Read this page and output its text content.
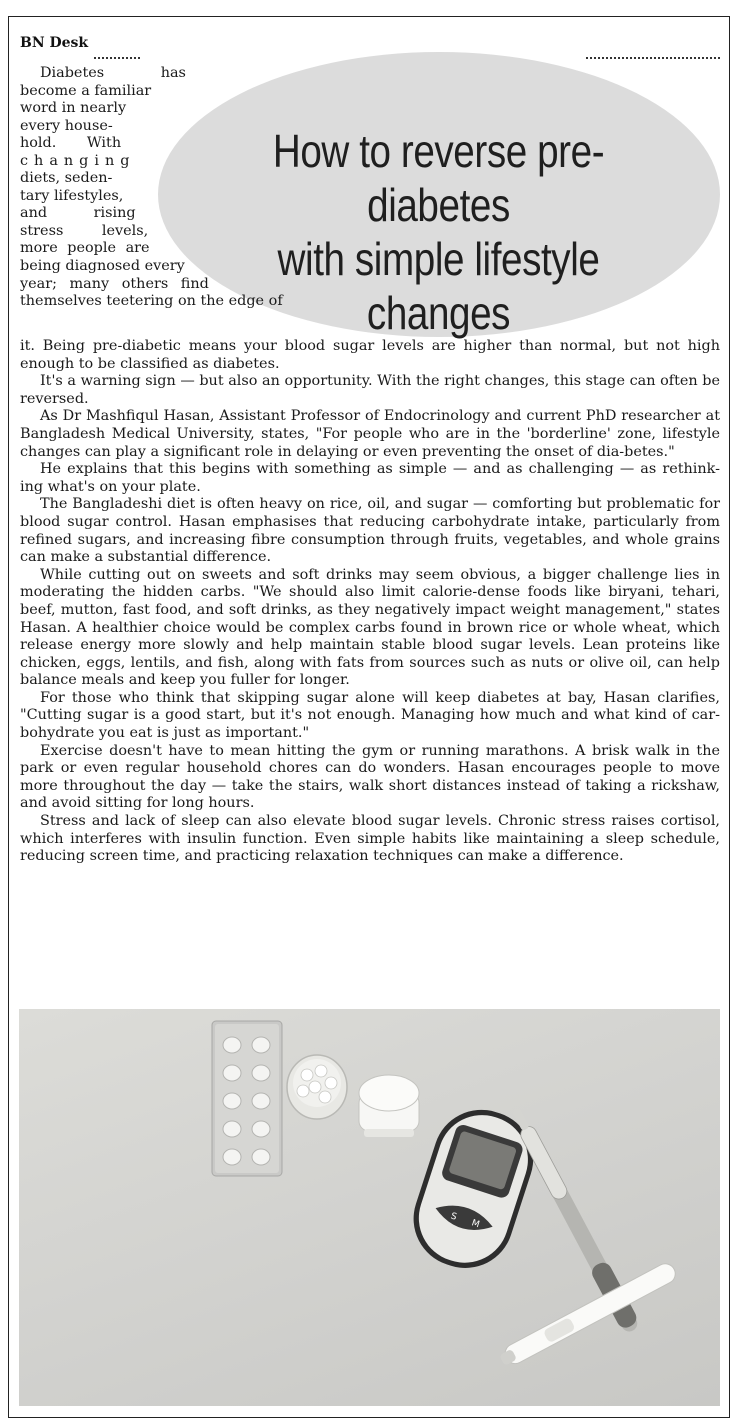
BN Desk
How to reverse pre-diabetes
with simple lifestyle
changes
Diabetes has
become a familiar
word in nearly
every house-
hold. With
changing
diets, seden-
tary lifestyles,
and rising
stress levels,
more people are
being diagnosed every
year; many others find
themselves teetering on the edge of

it. Being pre-diabetic means your blood sugar levels are higher than normal, but not high enough to be classified as diabetes.

It's a warning sign — but also an opportunity. With the right changes, this stage can often be reversed.

As Dr Mashfiqul Hasan, Assistant Professor of Endocrinology and current PhD researcher at Bangladesh Medical University, states, "For people who are in the 'borderline' zone, lifestyle changes can play a significant role in delaying or even preventing the onset of dia-betes."

He explains that this begins with something as simple — and as challenging — as rethink-ing what's on your plate.

The Bangladeshi diet is often heavy on rice, oil, and sugar — comforting but problematic for blood sugar control. Hasan emphasises that reducing carbohydrate intake, particularly from refined sugars, and increasing fibre consumption through fruits, vegetables, and whole grains can make a substantial difference.

While cutting out on sweets and soft drinks may seem obvious, a bigger challenge lies in moderating the hidden carbs. "We should also limit calorie-dense foods like biryani, tehari, beef, mutton, fast food, and soft drinks, as they negatively impact weight management," states Hasan. A healthier choice would be complex carbs found in brown rice or whole wheat, which release energy more slowly and help maintain stable blood sugar levels. Lean proteins like chicken, eggs, lentils, and fish, along with fats from sources such as nuts or olive oil, can help balance meals and keep you fuller for longer.

For those who think that skipping sugar alone will keep diabetes at bay, Hasan clarifies, "Cutting sugar is a good start, but it's not enough. Managing how much and what kind of car-bohydrate you eat is just as important."

Exercise doesn't have to mean hitting the gym or running marathons. A brisk walk in the park or even regular household chores can do wonders. Hasan encourages people to move more throughout the day — take the stairs, walk short distances instead of taking a rickshaw, and avoid sitting for long hours.

Stress and lack of sleep can also elevate blood sugar levels. Chronic stress raises cortisol, which interferes with insulin function. Even simple habits like maintaining a sleep schedule, reducing screen time, and practicing relaxation techniques can make a difference.

S
M
